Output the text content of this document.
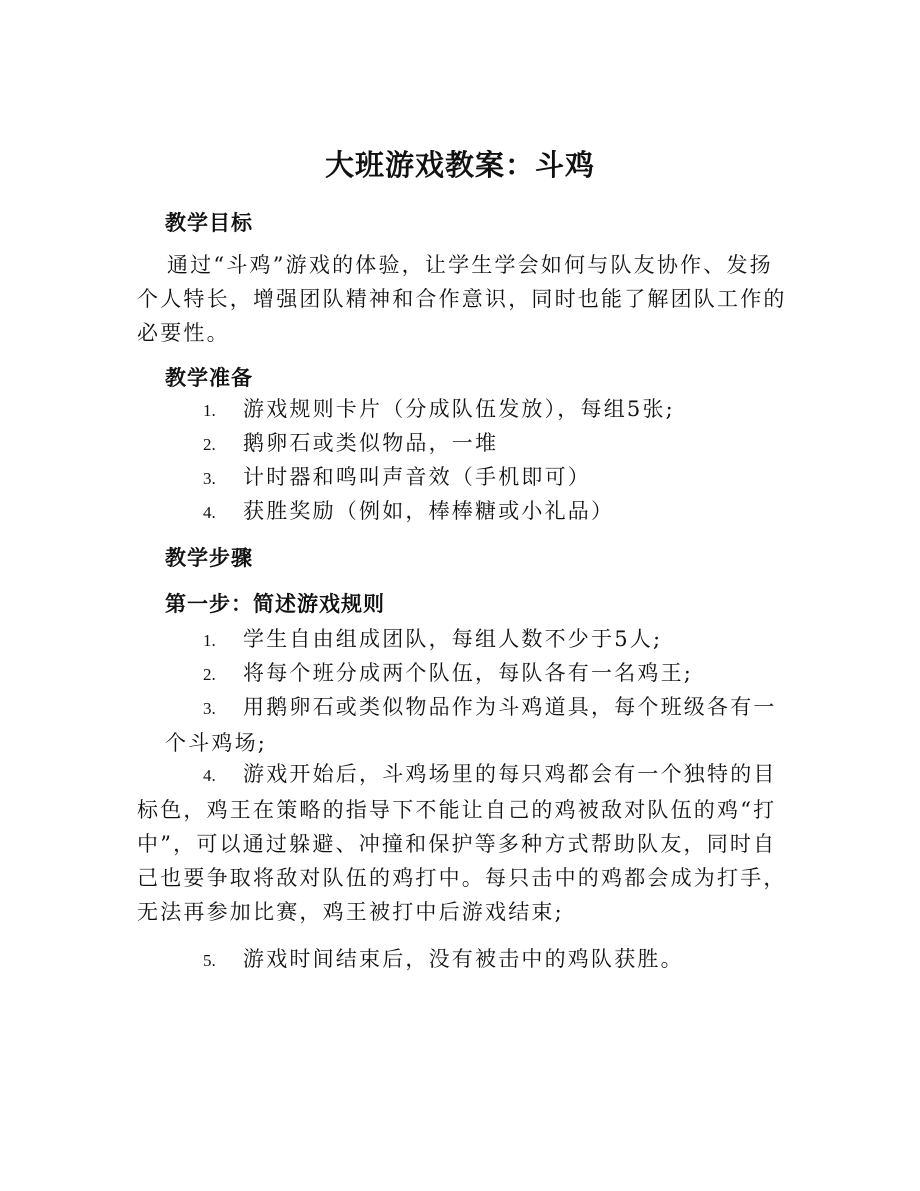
大班游戏教案：斗鸡
教学目标
通过“斗鸡”游戏的体验，让学生学会如何与队友协作、发扬个人特长，增强团队精神和合作意识，同时也能了解团队工作的必要性。
教学准备
1. 游戏规则卡片（分成队伍发放），每组5张;
2. 鹅卵石或类似物品，一堆
3. 计时器和鸣叫声音效（手机即可）
4. 获胜奖励（例如，棒棒糖或小礼品）
教学步骤
第一步：简述游戏规则
1. 学生自由组成团队，每组人数不少于5人;
2. 将每个班分成两个队伍，每队各有一名鸡王;
3. 用鹅卵石或类似物品作为斗鸡道具，每个班级各有一个斗鸡场;
4. 游戏开始后，斗鸡场里的每只鸡都会有一个独特的目标色，鸡王在策略的指导下不能让自己的鸡被敌对队伍的鸡“打中”，可以通过躲避、冲撞和保护等多种方式帮助队友，同时自己也要争取将敌对队伍的鸡打中。每只击中的鸡都会成为打手，无法再参加比赛，鸡王被打中后游戏结束;
5. 游戏时间结束后，没有被击中的鸡队获胜。
